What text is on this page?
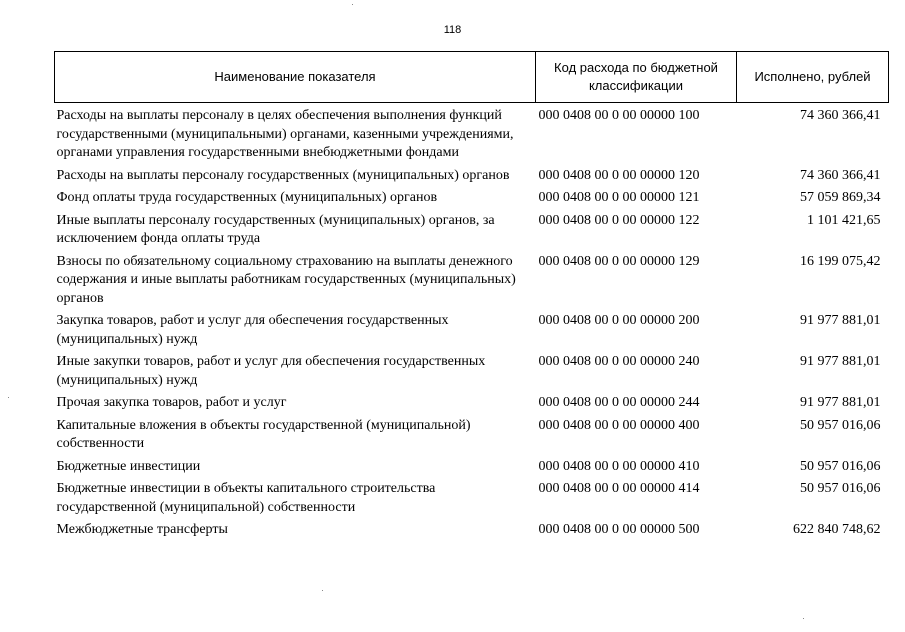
118
Наименование показателя	Код расхода по бюджетной классификации	Исполнено, рублей
Расходы на выплаты персоналу в целях обеспечения выполнения функций государственными (муниципальными) органами, казенными учреждениями, органами управления государственными внебюджетными фондами	000 0408 00 0 00 00000 100	74 360 366,41
Расходы на выплаты персоналу государственных (муниципальных) органов	000 0408 00 0 00 00000 120	74 360 366,41
Фонд оплаты труда государственных (муниципальных) органов	000 0408 00 0 00 00000 121	57 059 869,34
Иные выплаты персоналу государственных (муниципальных) органов, за исключением фонда оплаты труда	000 0408 00 0 00 00000 122	1 101 421,65
Взносы по обязательному социальному страхованию на выплаты денежного содержания и иные выплаты работникам государственных (муниципальных) органов	000 0408 00 0 00 00000 129	16 199 075,42
Закупка товаров, работ и услуг для обеспечения государственных (муниципальных) нужд	000 0408 00 0 00 00000 200	91 977 881,01
Иные закупки товаров, работ и услуг для обеспечения государственных (муниципальных) нужд	000 0408 00 0 00 00000 240	91 977 881,01
Прочая закупка товаров, работ и услуг	000 0408 00 0 00 00000 244	91 977 881,01
Капитальные вложения в объекты государственной (муниципальной) собственности	000 0408 00 0 00 00000 400	50 957 016,06
Бюджетные инвестиции	000 0408 00 0 00 00000 410	50 957 016,06
Бюджетные инвестиции в объекты капитального строительства государственной (муниципальной) собственности	000 0408 00 0 00 00000 414	50 957 016,06
Межбюджетные трансферты	000 0408 00 0 00 00000 500	622 840 748,62
